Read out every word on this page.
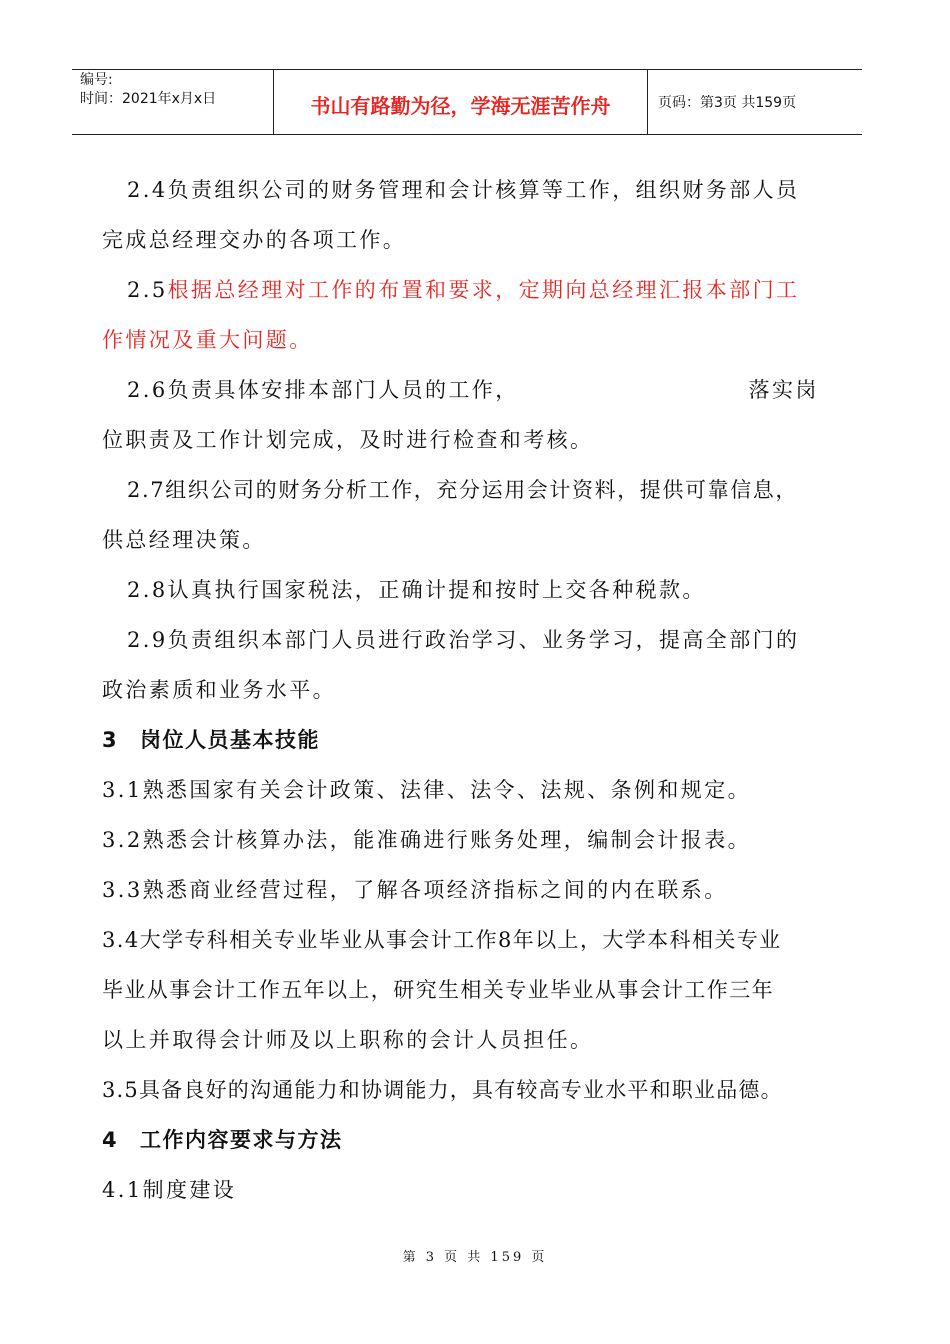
编号:
时间：2021年x月x日	书山有路勤为径，学海无涯苦作舟	页码：第3页 共159页

2.4负责组织公司的财务管理和会计核算等工作，组织财务部人员

完成总经理交办的各项工作。

2.5根据总经理对工作的布置和要求，定期向总经理汇报本部门工

作情况及重大问题。

2.6负责具体安排本部门人员的工作，	落实岗

位职责及工作计划完成，及时进行检查和考核。

2.7组织公司的财务分析工作，充分运用会计资料，提供可靠信息，

供总经理决策。

2.8认真执行国家税法，正确计提和按时上交各种税款。

2.9负责组织本部门人员进行政治学习、业务学习，提高全部门的

政治素质和业务水平。

3 岗位人员基本技能

3.1熟悉国家有关会计政策、法律、法令、法规、条例和规定。

3.2熟悉会计核算办法，能准确进行账务处理，编制会计报表。

3.3熟悉商业经营过程，了解各项经济指标之间的内在联系。

3.4大学专科相关专业毕业从事会计工作8年以上，大学本科相关专业

毕业从事会计工作五年以上，研究生相关专业毕业从事会计工作三年

以上并取得会计师及以上职称的会计人员担任。

3.5具备良好的沟通能力和协调能力，具有较高专业水平和职业品德。

4 工作内容要求与方法

4.1制度建设

第 3 页 共 159 页
